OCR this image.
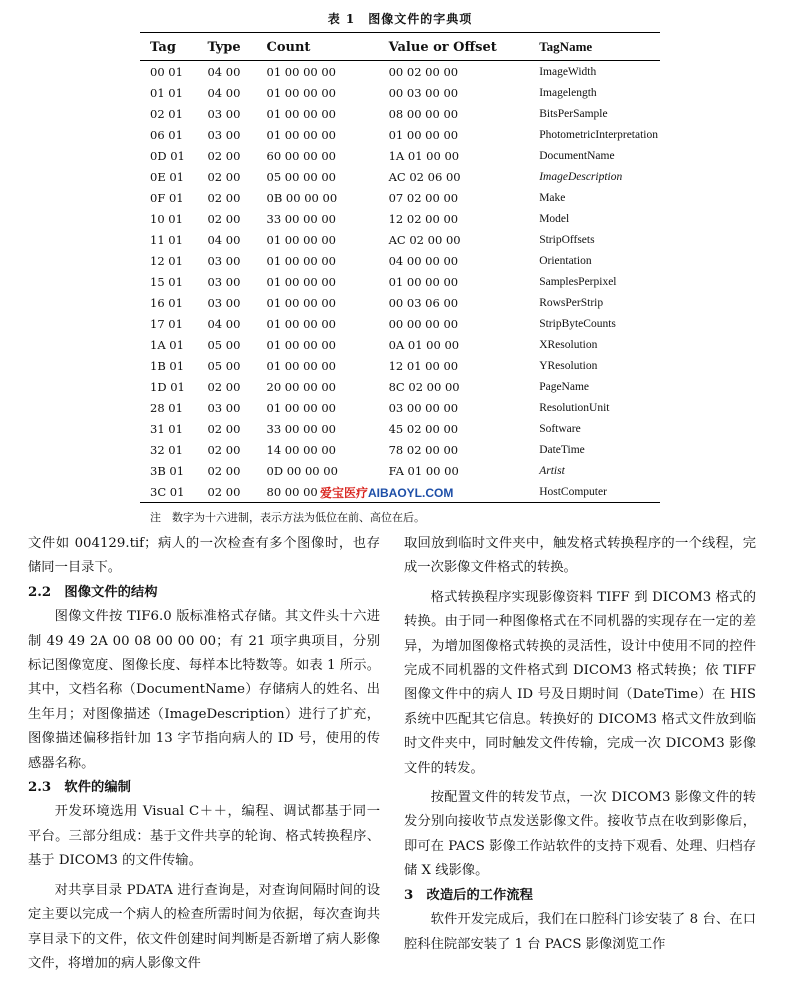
表 1　图像文件的字典项
Tag	Type	Count	Value or Offset	TagName
00 01	04 00	01 00 00 00	00 02 00 00	ImageWidth
01 01	04 00	01 00 00 00	00 03 00 00	Imagelength
02 01	03 00	01 00 00 00	08 00 00 00	BitsPerSample
06 01	03 00	01 00 00 00	01 00 00 00	PhotometricInterpretation
0D 01	02 00	60 00 00 00	1A 01 00 00	DocumentName
0E 01	02 00	05 00 00 00	AC 02 06 00	ImageDescription
0F 01	02 00	0B 00 00 00	07 02 00 00	Make
10 01	02 00	33 00 00 00	12 02 00 00	Model
11 01	04 00	01 00 00 00	AC 02 00 00	StripOffsets
12 01	03 00	01 00 00 00	04 00 00 00	Orientation
15 01	03 00	01 00 00 00	01 00 00 00	SamplesPerpixel
16 01	03 00	01 00 00 00	00 03 06 00	RowsPerStrip
17 01	04 00	01 00 00 00	00 00 00 00	StripByteCounts
1A 01	05 00	01 00 00 00	0A 01 00 00	XResolution
1B 01	05 00	01 00 00 00	12 01 00 00	YResolution
1D 01	02 00	20 00 00 00	8C 02 00 00	PageName
28 01	03 00	01 00 00 00	03 00 00 00	ResolutionUnit
31 01	02 00	33 00 00 00	45 02 00 00	Software
32 01	02 00	14 00 00 00	78 02 00 00	DateTime
3B 01	02 00	0D 00 00 00	FA 01 00 00	Artist
3C 01	02 00	80 00 00		HostComputer
爱宝医疗AIBAOYL.COM
注　数字为十六进制，表示方法为低位在前、高位在后。

文件如 004129.tif；病人的一次检查有多个图像时，也存储同一目录下。

2.2　图像文件的结构

图像文件按 TIF6.0 版标准格式存储。其文件头十六进制 49 49 2A 00 08 00 00 00；有 21 项字典项目，分别标记图像宽度、图像长度、每样本比特数等。如表 1 所示。其中，文档名称（DocumentName）存储病人的姓名、出生年月；对图像描述（ImageDescription）进行了扩充，图像描述偏移指针加 13 字节指向病人的 ID 号，使用的传感器名称。

2.3　软件的编制

开发环境选用 Visual C＋＋，编程、调试都基于同一平台。三部分组成：基于文件共享的轮询、格式转换程序、基于 DICOM3 的文件传输。

对共享目录 PDATA 进行查询是，对查询间隔时间的设定主要以完成一个病人的检查所需时间为依据，每次查询共享目录下的文件，依文件创建时间判断是否新增了病人影像文件，将增加的病人影像文件

取回放到临时文件夹中，触发格式转换程序的一个线程，完成一次影像文件格式的转换。

格式转换程序实现影像资料 TIFF 到 DICOM3 格式的转换。由于同一种图像格式在不同机器的实现存在一定的差异，为增加图像格式转换的灵活性，设计中使用不同的控件完成不同机器的文件格式到 DICOM3 格式转换；依 TIFF 图像文件中的病人 ID 号及日期时间（DateTime）在 HIS 系统中匹配其它信息。转换好的 DICOM3 格式文件放到临时文件夹中，同时触发文件传输，完成一次 DICOM3 影像文件的转发。

按配置文件的转发节点，一次 DICOM3 影像文件的转发分别向接收节点发送影像文件。接收节点在收到影像后，即可在 PACS 影像工作站软件的支持下观看、处理、归档存储 X 线影像。

3　改造后的工作流程

软件开发完成后，我们在口腔科门诊安装了 8 台、在口腔科住院部安装了 1 台 PACS 影像浏览工作
